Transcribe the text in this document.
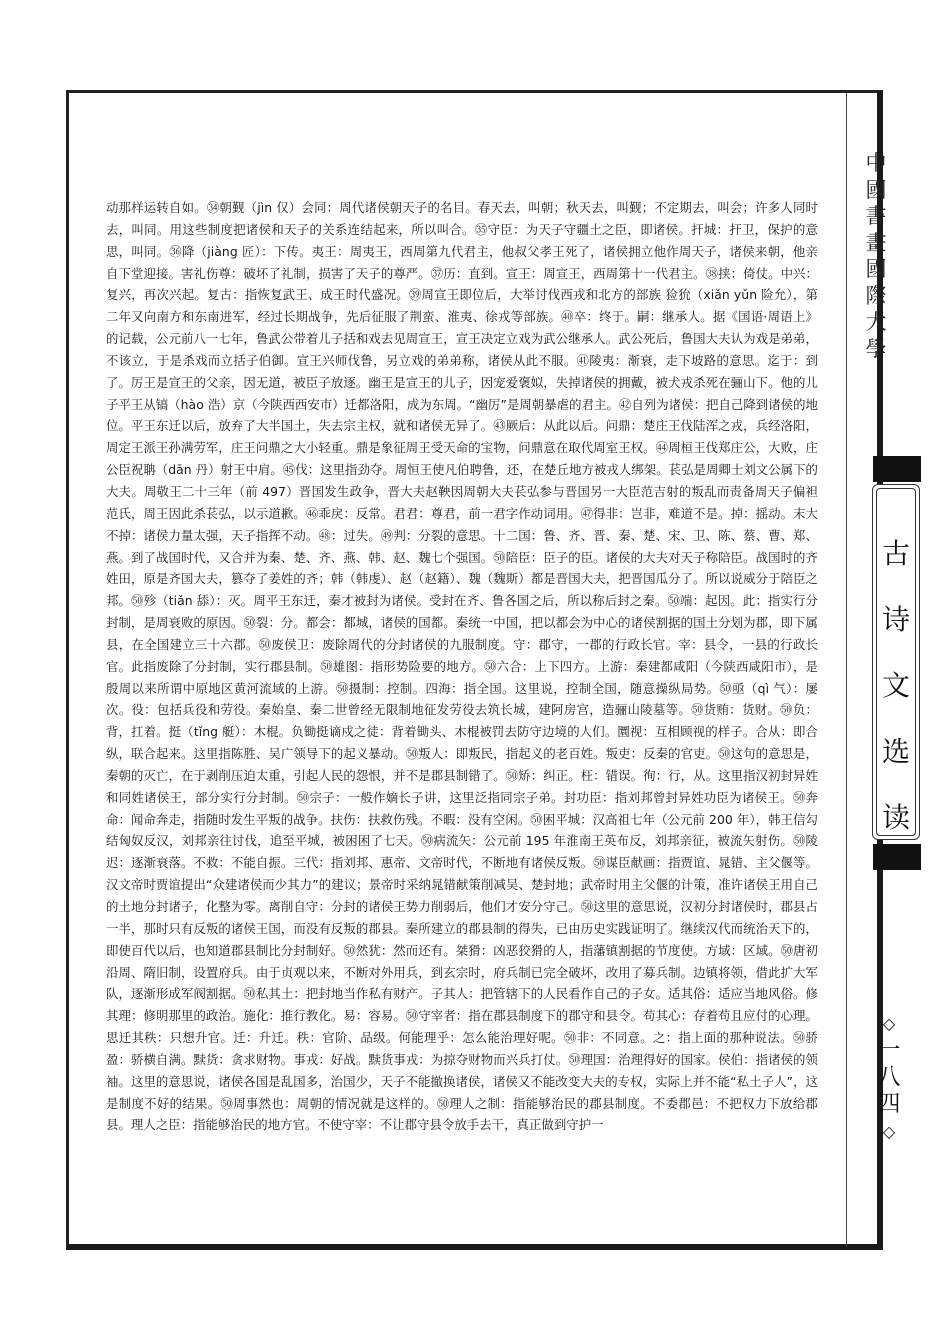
动那样运转自如。㉞朝觐（jìn 仅）会同：周代诸侯朝天子的名目。春天去，叫朝；秋天去，叫觐；不定期去，叫会；许多人同时去，叫同。用这些制度把诸侯和天子的关系连结起来，所以叫合。㉟守臣：为天子守疆土之臣，即诸侯。扞城：扞卫，保护的意思，叫同。㊱降（jiàng 匠）：下传。夷王：周夷王，西周第九代君主，他叔父孝王死了，诸侯拥立他作周天子，诸侯来朝，他亲自下堂迎接。害礼伤尊：破坏了礼制，损害了天子的尊严。㊲历：直到。宣王：周宣王，西周第十一代君主。㊳挟：倚仗。中兴：复兴，再次兴起。复古：指恢复武王、成王时代盛况。㊴周宣王即位后，大举讨伐西戎和北方的部族 猃狁（xiǎn yǔn 险允），第二年又向南方和东南进军，经过长期战争，先后征服了荆蛮、淮夷、徐戎等部族。㊵卒：终于。嗣：继承人。据《国语·周语上》的记载，公元前八一七年，鲁武公带着儿子括和戏去见周宣王，宣王决定立戏为武公继承人。武公死后，鲁国大夫认为戏是弟弟，不该立，于是杀戏而立括子伯御。宣王兴师伐鲁，另立戏的弟弟称，诸侯从此不服。㊶陵夷：渐衰，走下坡路的意思。迄于：到了。厉王是宣王的父亲，因无道，被臣子放逐。幽王是宣王的儿子，因宠爱褒姒，失掉诸侯的拥戴，被犬戎杀死在骊山下。他的儿子平王从镐（hào 浩）京（今陕西西安市）迁都洛阳，成为东周。“幽厉”是周朝暴虐的君主。㊷自列为诸侯：把自己降到诸侯的地位。平王东迁以后，放弃了大半国土，失去宗主权，就和诸侯无异了。㊸厥后：从此以后。问鼎：楚庄王伐陆浑之戎，兵经洛阳，周定王派王孙满劳军，庄王问鼎之大小轻重。鼎是象征周王受天命的宝物，问鼎意在取代周室王权。㊹周桓王伐郑庄公，大败，庄公臣祝聃（dān 丹）射王中肩。㊺伐：这里指劲夺。周恒王使凡伯聘鲁，还，在楚丘地方被戎人绑架。苌弘是周卿士刘文公属下的大夫。周敬王二十三年（前 497）晋国发生政争，晋大夫赵鞅因周朝大夫苌弘参与晋国另一大臣范吉射的叛乱而责备周天子偏袒范氏，周王因此杀苌弘，以示道歉。㊻乖戾：反常。君君：尊君，前一君字作动词用。㊼得非：岂非，难道不是。掉：摇动。末大不掉：诸侯力量太强，天子指挥不动。㊽：过失。㊾判：分裂的意思。十二国：鲁、齐、晋、秦、楚、宋、卫、陈、蔡、曹、郑、燕。到了战国时代，又合并为秦、楚、齐、燕、韩、赵、魏七个强国。㊿陪臣：臣子的臣。诸侯的大夫对天子称陪臣。战国时的齐姓田，原是齐国大夫，篡夺了姜姓的齐；韩（韩虔）、赵（赵籍）、魏（魏斯）都是晋国大夫，把晋国瓜分了。所以说威分于陪臣之邦。㊿殄（tiǎn 舔）：灭。周平王东迁，秦才被封为诸侯。受封在齐、鲁各国之后，所以称后封之秦。㊿端：起因。此：指实行分封制，是周衰败的原因。㊿裂：分。都会：都城，诸侯的国都。秦统一中国，把以都会为中心的诸侯割据的国土分划为郡，即下属县，在全国建立三十六郡。㊿废侯卫：废除周代的分封诸侯的九服制度。守：郡守，一郡的行政长官。宰：县令，一县的行政长官。此指废除了分封制，实行郡县制。㊿雄图：指形势险要的地方。㊿六合：上下四方。上游：秦建都咸阳（今陕西咸阳市），是殷周以来所谓中原地区黄河流域的上游。㊿摄制：控制。四海：指全国。这里说，控制全国，随意操纵局势。㊿亟（qì 气）：屡次。役：包括兵役和劳役。秦始皇、秦二世曾经无限制地征发劳役去筑长城，建阿房宫，造骊山陵墓等。㊿货贿：货财。㊿负：背，扛着。挺（tǐng 艇）：木棍。负锄挺谪戍之徒：背着锄头、木棍被罚去防守边境的人们。圜视：互相顾视的样子。合从：即合纵，联合起来。这里指陈胜、吴广领导下的起义暴动。㊿叛人：即叛民，指起义的老百姓。叛吏：反秦的官吏。㊿这句的意思是，秦朝的灭亡，在于剥削压迫太重，引起人民的怨恨，并不是郡县制错了。㊿矫：纠正。枉：错误。徇：行，从。这里指汉初封异姓和同姓诸侯王，部分实行分封制。㊿宗子：一般作嫡长子讲，这里泛指同宗子弟。封功臣：指刘邦曾封异姓功臣为诸侯王。㊿奔命：闻命奔走，指随时发生平叛的战争。扶伤：扶救伤残。不暇：没有空闲。㊿困平城：汉高祖七年（公元前 200 年），韩王信勾结匈奴反汉，刘邦亲往讨伐，追至平城，被困困了七天。㊿病流矢：公元前 195 年淮南王英布反，刘邦亲征，被流矢射伤。㊿陵迟：逐渐衰落。不救：不能自振。三代：指刘邦、惠帝、文帝时代，不断地有诸侯反叛。㊿谋臣献画：指贾谊、晁错、主父偃等。汉文帝时贾谊提出“众建诸侯而少其力”的建议；景帝时采纳晁错献策削减吴、楚封地；武帝时用主父偃的计策，准许诸侯王用自己的土地分封诸子，化整为零。离削自守：分封的诸侯王势力削弱后，他们才安分守己。㊿这里的意思说，汉初分封诸侯时，郡县占一半，那时只有反叛的诸侯王国，而没有反叛的郡县。秦所建立的郡县制的得失，已由历史实践证明了。继续汉代而统治天下的，即使百代以后，也知道郡县制比分封制好。㊿然犹：然而还有。桀猾：凶恶狡猾的人，指藩镇割据的节度使。方域：区域。㊿唐初沿周、隋旧制，设置府兵。由于贞观以来，不断对外用兵，到玄宗时，府兵制已完全破坏，改用了募兵制。边镇将领，借此扩大军队，逐渐形成军阀割据。㊿私其土：把封地当作私有财产。子其人：把管辖下的人民看作自己的子女。适其俗：适应当地风俗。修其理：修明那里的政治。施化：推行教化。易：容易。㊿守宰者：指在郡县制度下的郡守和县令。苟其心：存着苟且应付的心理。思迁其秩：只想升官。迁：升迁。秩：官阶、品级。何能理乎：怎么能治理好呢。㊿非：不同意。之：指上面的那种说法。㊿骄盈：骄横自满。黩货：贪求财物。事戎：好战。黩货事戎：为掠夺财物而兴兵打仗。㊿理国：治理得好的国家。侯伯：指诸侯的领袖。这里的意思说，诸侯各国是乱国多，治国少，天子不能撤换诸侯，诸侯又不能改变大夫的专权，实际上并不能“私土子人”，这是制度不好的结果。㊿周事然也：周朝的情况就是这样的。㊿理人之制：指能够治民的郡县制度。不委郡邑：不把权力下放给郡县。理人之臣：指能够治民的地方官。不使守宰：不让郡守县令放手去干，真正做到守护一

中
國
書
畫
國
際
大
學
古
诗
文
选
读
◇
一
八
四
◇
